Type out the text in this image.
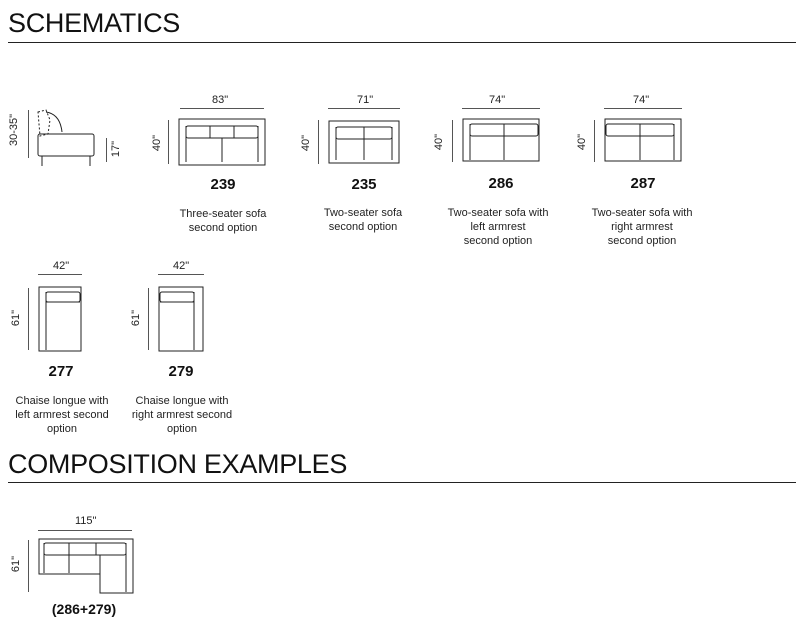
SCHEMATICS
30-35"
17"
83"
40"
239
Three-seater sofa
second option
71"
40"
235
Two-seater sofa
second option
74"
40"
286
Two-seater sofa with
left armrest
second option
74"
40"
287
Two-seater sofa with
right armrest
second option
42"
61"
277
Chaise longue with
left armrest second
option
42"
61"
279
Chaise longue with
right armrest second
option
COMPOSITION EXAMPLES
115"
61"
(286+279)
